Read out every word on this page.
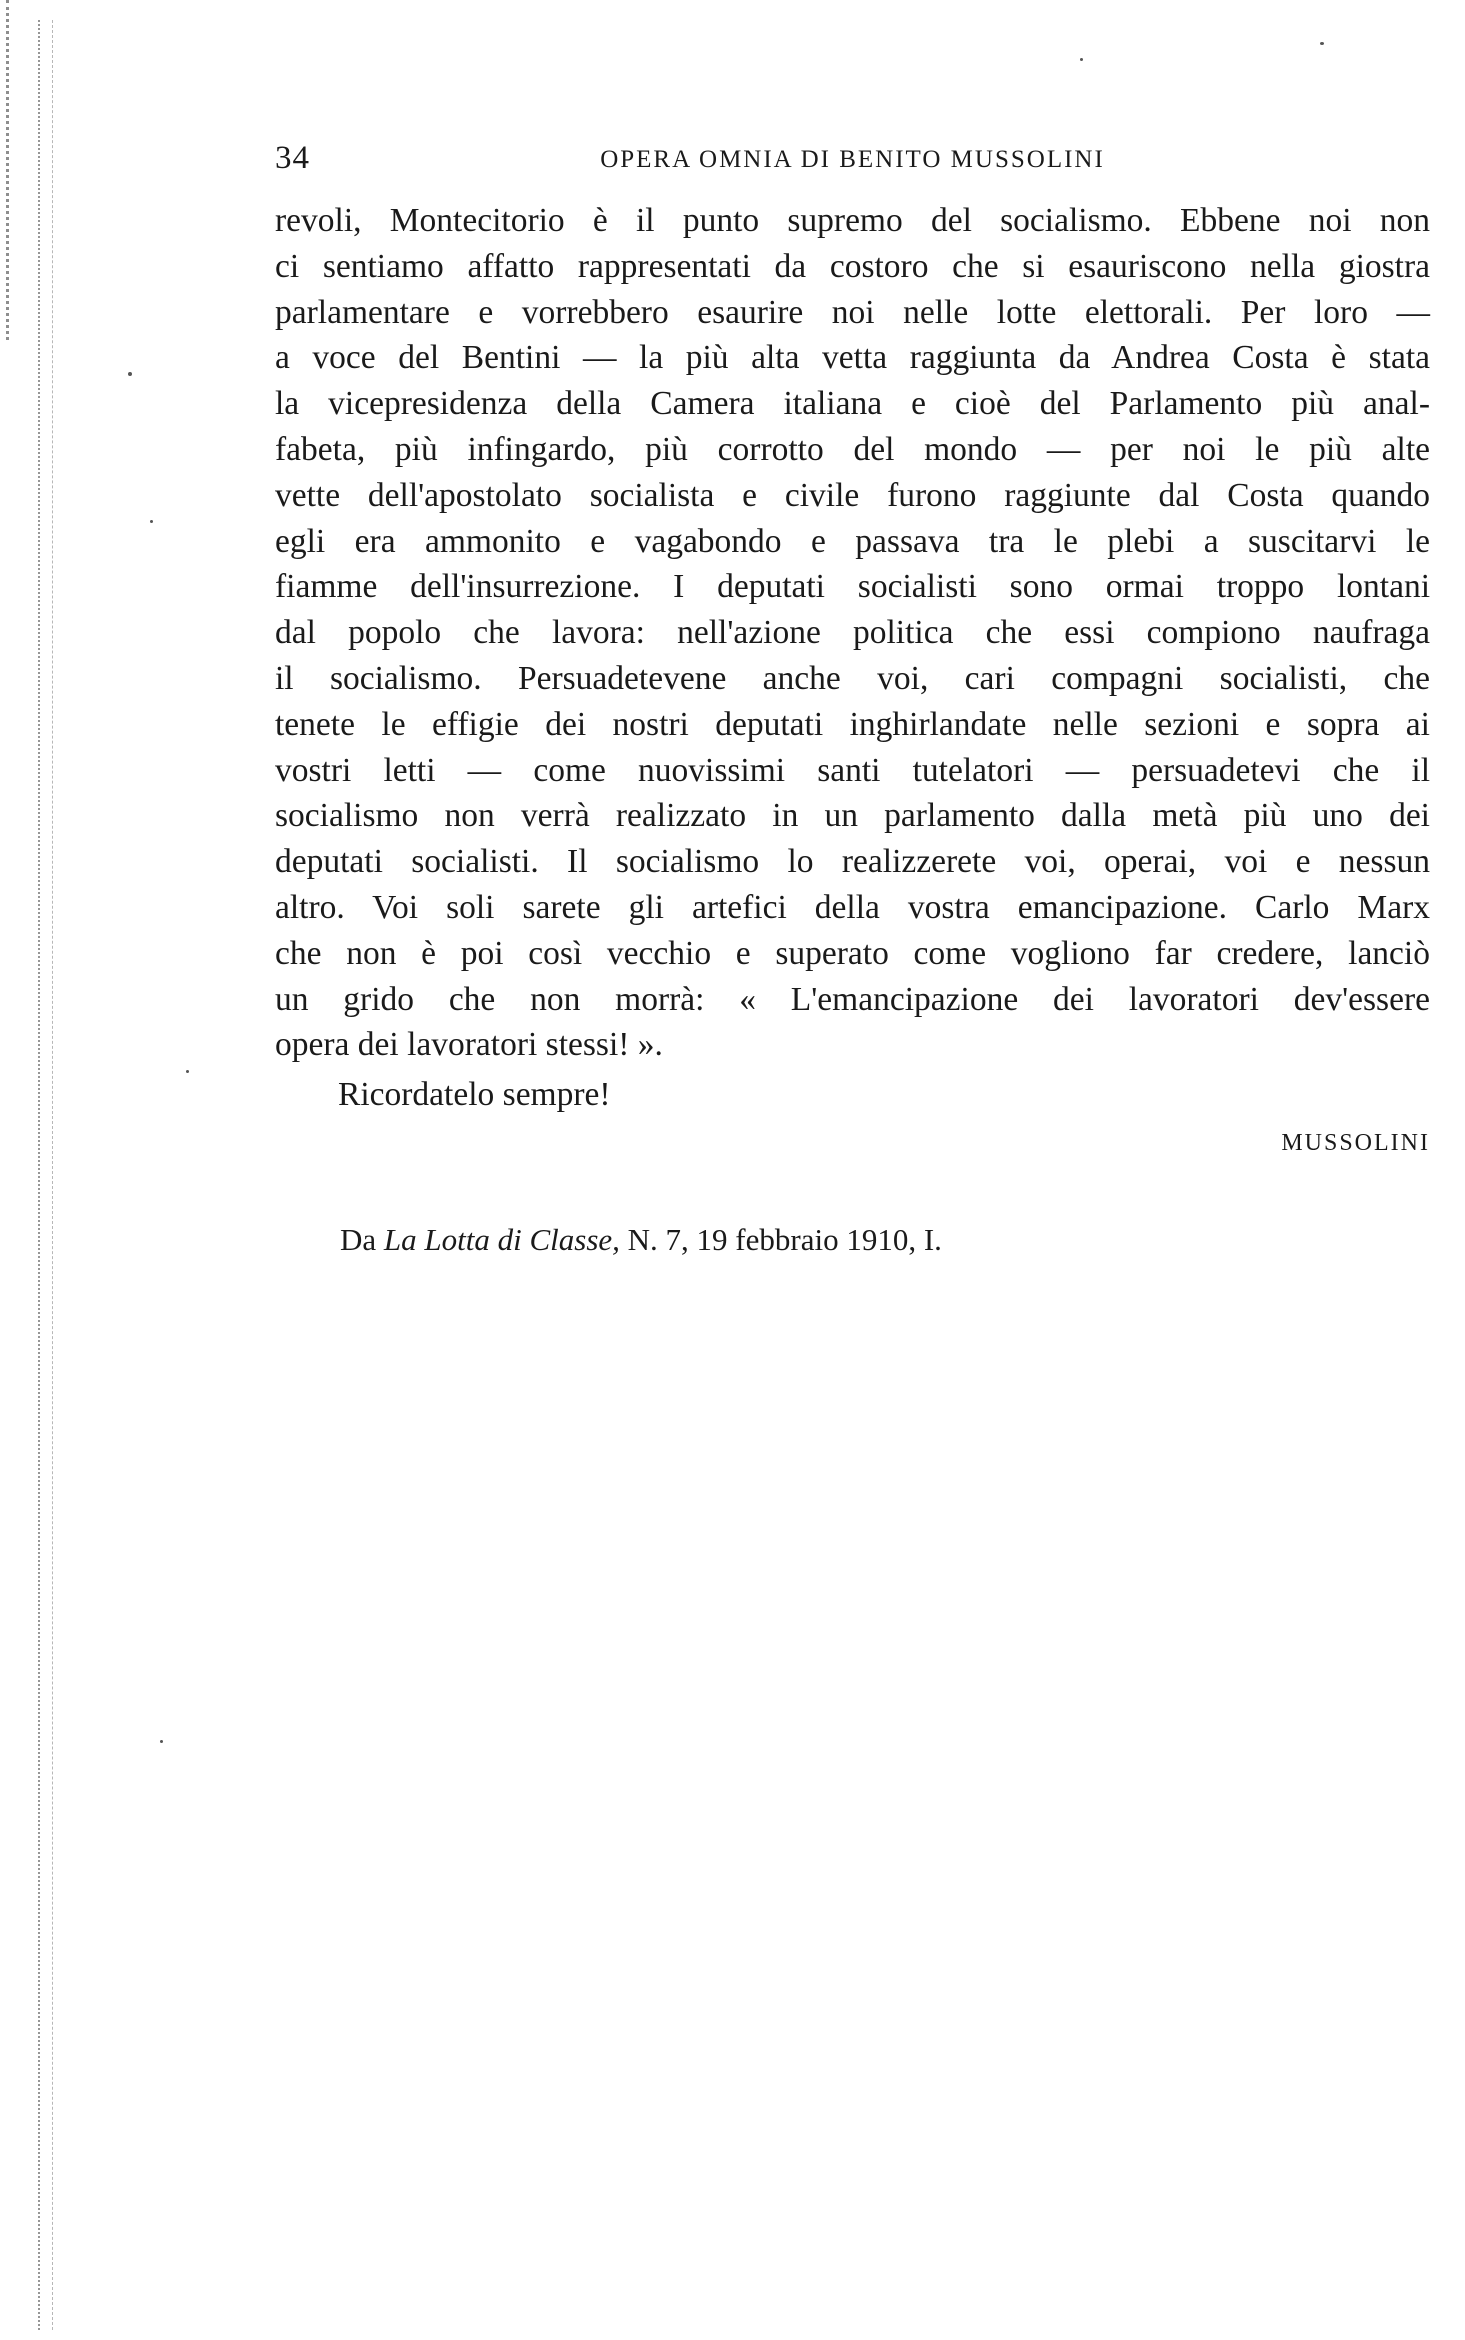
34	OPERA OMNIA DI BENITO MUSSOLINI

revoli, Montecitorio è il punto supremo del socialismo. Ebbene noi non
ci sentiamo affatto rappresentati da costoro che si esauriscono nella giostra
parlamentare e vorrebbero esaurire noi nelle lotte elettorali. Per loro —
a voce del Bentini — la più alta vetta raggiunta da Andrea Costa è stata
la vicepresidenza della Camera italiana e cioè del Parlamento più anal-
fabeta, più infingardo, più corrotto del mondo — per noi le più alte
vette dell'apostolato socialista e civile furono raggiunte dal Costa quando
egli era ammonito e vagabondo e passava tra le plebi a suscitarvi le
fiamme dell'insurrezione. I deputati socialisti sono ormai troppo lontani
dal popolo che lavora: nell'azione politica che essi compiono naufraga
il socialismo. Persuadetevene anche voi, cari compagni socialisti, che
tenete le effigie dei nostri deputati inghirlandate nelle sezioni e sopra ai
vostri letti — come nuovissimi santi tutelatori — persuadetevi che il
socialismo non verrà realizzato in un parlamento dalla metà più uno dei
deputati socialisti. Il socialismo lo realizzerete voi, operai, voi e nessun
altro. Voi soli sarete gli artefici della vostra emancipazione. Carlo Marx
che non è poi così vecchio e superato come vogliono far credere, lanciò
un grido che non morrà: « L'emancipazione dei lavoratori dev'essere
opera dei lavoratori stessi! ».

Ricordatelo sempre!
MUSSOLINI
Da La Lotta di Classe, N. 7, 19 febbraio 1910, I.
